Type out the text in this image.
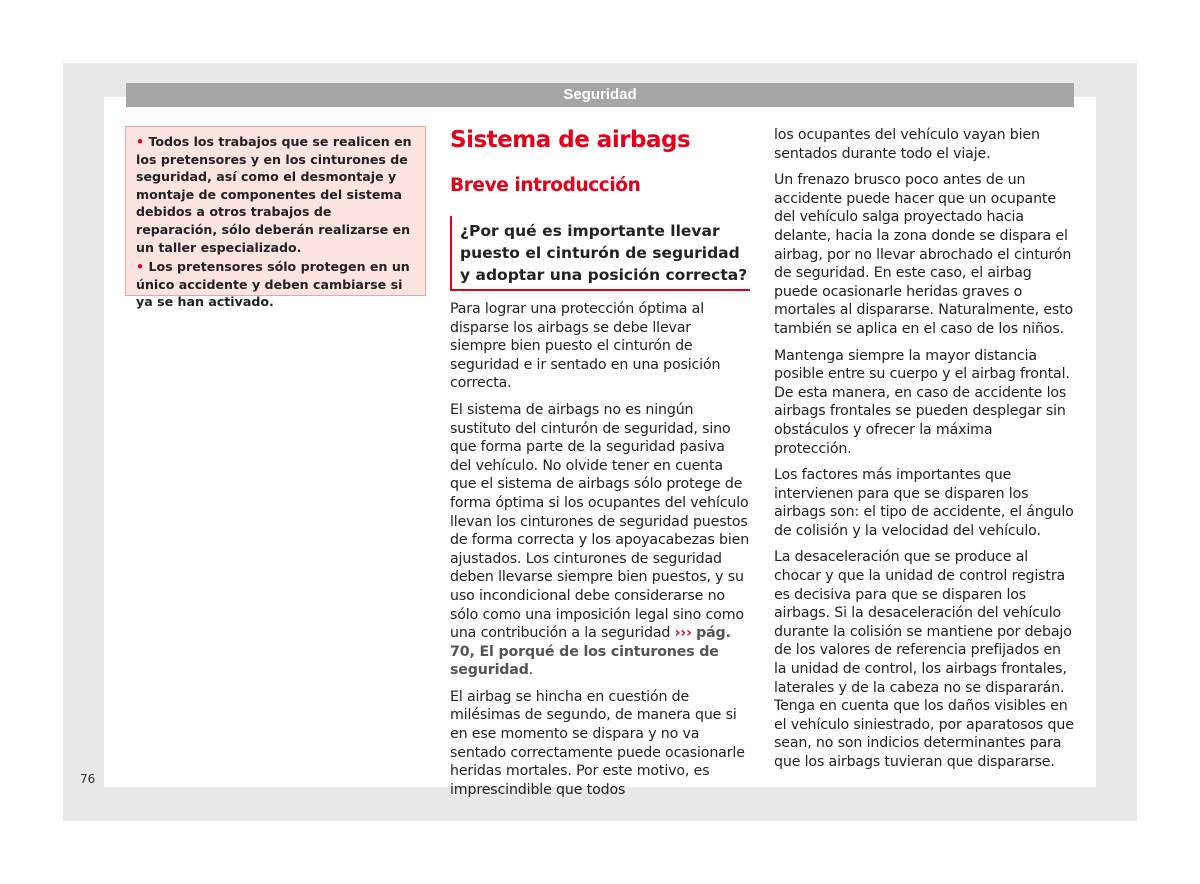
Seguridad

• Todos los trabajos que se realicen en los pretensores y en los cinturones de seguridad, así como el desmontaje y montaje de componentes del sistema debidos a otros trabajos de reparación, sólo deberán realizarse en un taller especializado.

• Los pretensores sólo protegen en un único accidente y deben cambiarse si ya se han activado.

Sistema de airbags
Breve introducción
¿Por qué es importante llevar puesto el cinturón de seguridad y adoptar una posición correcta?

Para lograr una protección óptima al disparse los airbags se debe llevar siempre bien puesto el cinturón de seguridad e ir sentado en una posición correcta.

El sistema de airbags no es ningún sustituto del cinturón de seguridad, sino que forma parte de la seguridad pasiva del vehículo. No olvide tener en cuenta que el sistema de airbags sólo protege de forma óptima si los ocupantes del vehículo llevan los cinturones de seguridad puestos de forma correcta y los apoyacabezas bien ajustados. Los cinturones de seguridad deben llevarse siempre bien puestos, y su uso incondicional debe considerarse no sólo como una imposición legal sino como una contribución a la seguridad ››› pág. 70, El porqué de los cinturones de seguridad.

El airbag se hincha en cuestión de milésimas de segundo, de manera que si en ese momento se dispara y no va sentado correctamente puede ocasionarle heridas mortales. Por este motivo, es imprescindible que todos

los ocupantes del vehículo vayan bien sentados durante todo el viaje.

Un frenazo brusco poco antes de un accidente puede hacer que un ocupante del vehículo salga proyectado hacia delante, hacia la zona donde se dispara el airbag, por no llevar abrochado el cinturón de seguridad. En este caso, el airbag puede ocasionarle heridas graves o mortales al dispararse. Naturalmente, esto también se aplica en el caso de los niños.

Mantenga siempre la mayor distancia posible entre su cuerpo y el airbag frontal. De esta manera, en caso de accidente los airbags frontales se pueden desplegar sin obstáculos y ofrecer la máxima protección.

Los factores más importantes que intervienen para que se disparen los airbags son: el tipo de accidente, el ángulo de colisión y la velocidad del vehículo.

La desaceleración que se produce al chocar y que la unidad de control registra es decisiva para que se disparen los airbags. Si la desaceleración del vehículo durante la colisión se mantiene por debajo de los valores de referencia prefijados en la unidad de control, los airbags frontales, laterales y de la cabeza no se dispararán. Tenga en cuenta que los daños visibles en el vehículo siniestrado, por aparatosos que sean, no son indicios determinantes para que los airbags tuvieran que dispararse.

76
